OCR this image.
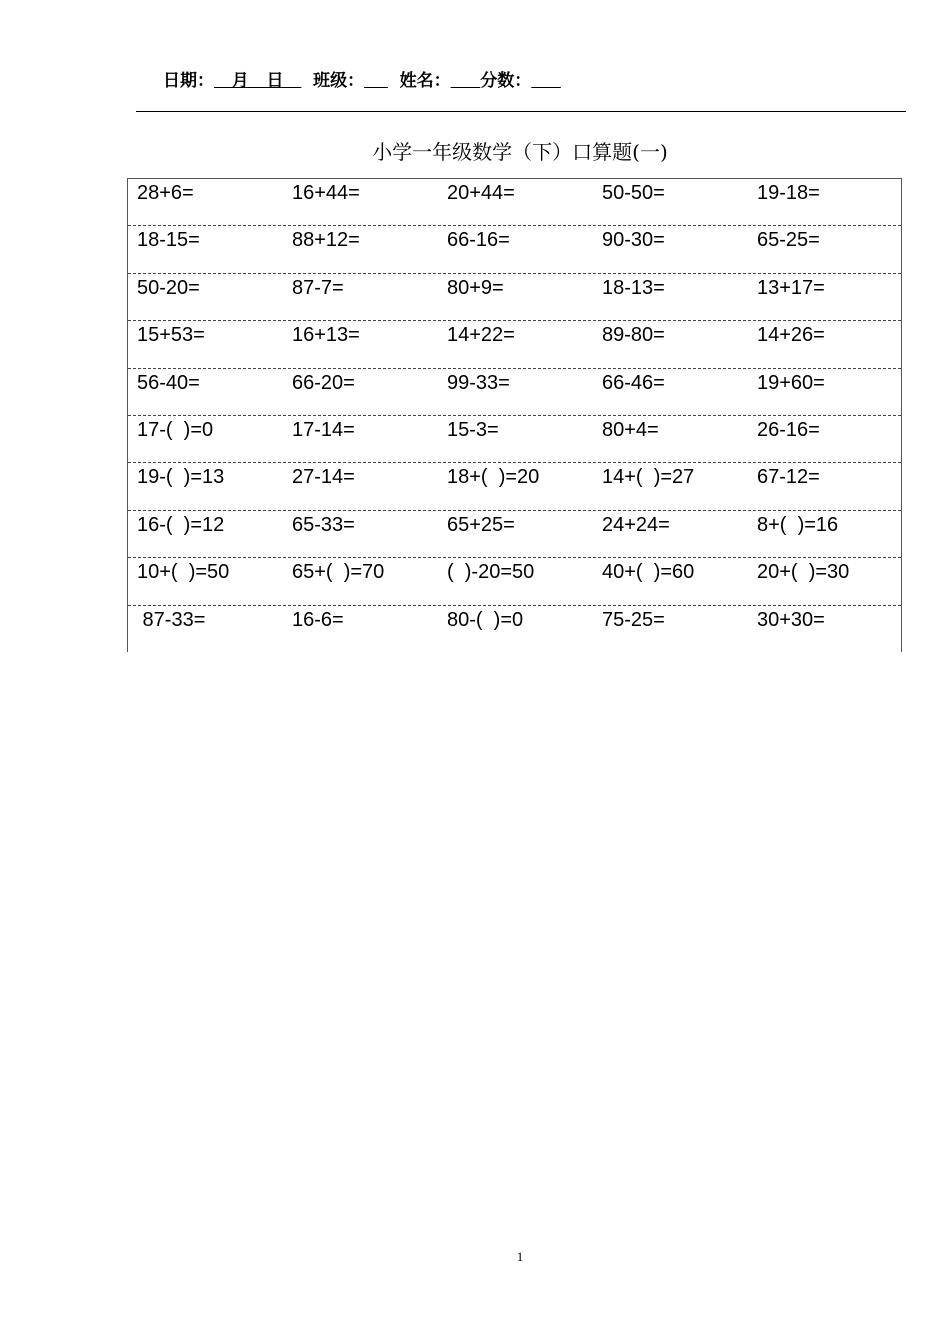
日期：   月   日     班级： 姓名： 分数：
小学一年级数学（下）口算题(一)
28+6=	16+44=	20+44=	50-50=	19-18=
18-15=	88+12=	66-16=	90-30=	65-25=
50-20=	87-7=	80+9=	18-13=	13+17=
15+53=	16+13=	14+22=	89-80=	14+26=
56-40=	66-20=	99-33=	66-46=	19+60=
17-(  )=0	17-14=	15-3=	80+4=	26-16=
19-(  )=13	27-14=	18+(  )=20	14+(  )=27	67-12=
16-(  )=12	65-33=	65+25=	24+24=	8+(  )=16
10+(  )=50	65+(  )=70	(  )-20=50	40+(  )=60	20+(  )=30
87-33=	16-6=	80-(  )=0	75-25=	30+30=
1
